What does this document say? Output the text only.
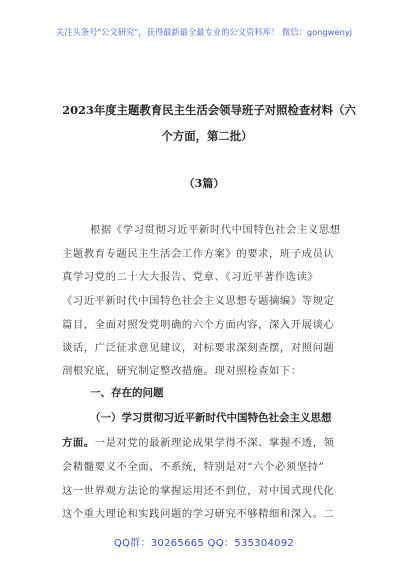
关注头条号"公文研究"，获得最新最全最专业的公文资料库！ 微信：gongwenyj
2023年度主题教育民主生活会领导班子对照检查材料（六
个方面，第二批）
（3篇）
根据《学习贯彻习近平新时代中国特色社会主义思想
主题教育专题民主生活会工作方案》的要求，班子成员认
真学习党的二十大大报告、党章、《习近平著作选读》
《习近平新时代中国特色社会主义思想专题摘编》等规定
篇目，全面对照发党明确的六个方面内容，深入开展谈心
谈话，广泛征求意见建议，对标要求深刻查摆，对照问题
剖根究底，研究制定整改措施。现对照检查如下：
一、存在的问题
（一）学习贯彻习近平新时代中国特色社会主义思想
方面。一是对党的最新理论成果学得不深、掌握不透，领
会精髓要义不全面、不系统，特别是对“六个必须坚持”
这一世界观方法论的掌握运用还不到位，对中国式现代化
这个重大理论和实践问题的学习研究不够精细和深入。二
QQ群：30265665 QQ：535304092
